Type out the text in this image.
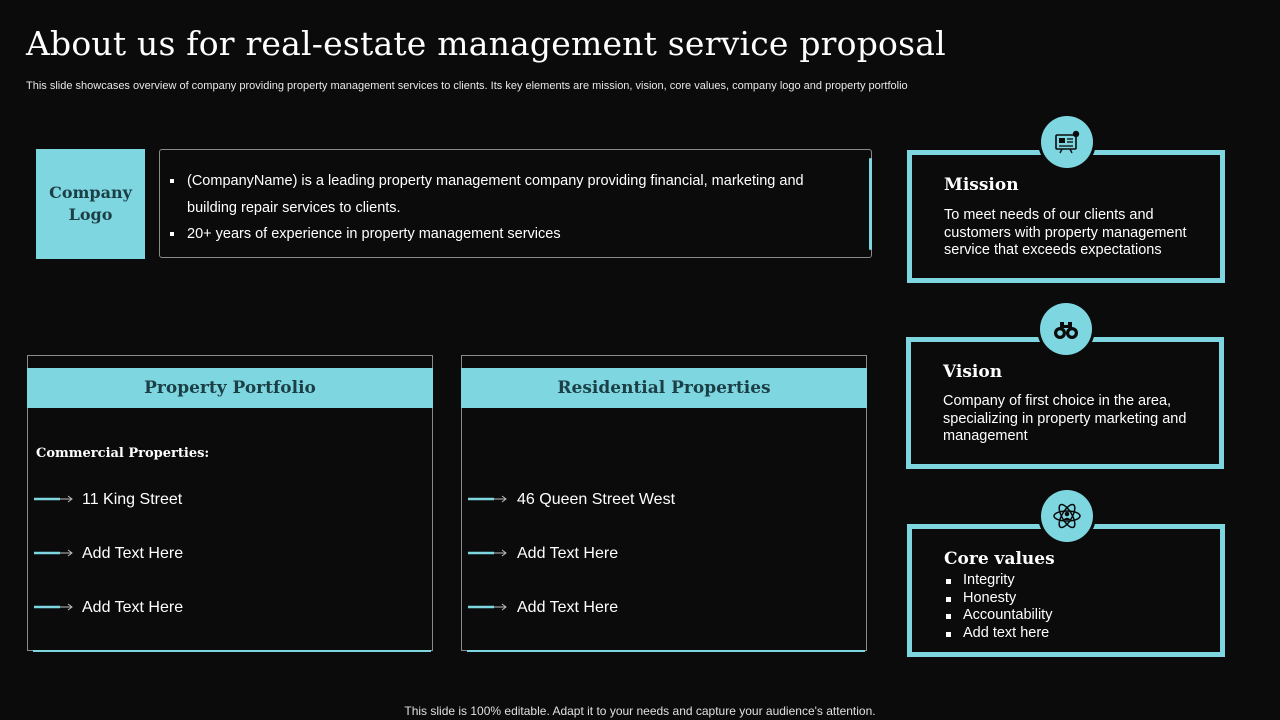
About us for real-estate management service proposal
This slide showcases overview of company providing property management services to clients. Its key elements are mission, vision, core values, company logo and property portfolio
Company
Logo
(CompanyName) is a leading property management company providing financial, marketing and building repair services to clients.
20+ years of experience in property management services
Property Portfolio
Commercial Properties:
11 King Street
Add Text Here
Add Text Here
Residential Properties
46 Queen Street West
Add Text Here
Add Text Here
Mission
To meet needs of our clients and customers with property management service that exceeds expectations
Vision
Company of first choice in the area, specializing in property marketing and management
Core values
Integrity
Honesty
Accountability
Add text here
This slide is 100% editable. Adapt it to your needs and capture your audience's attention.
